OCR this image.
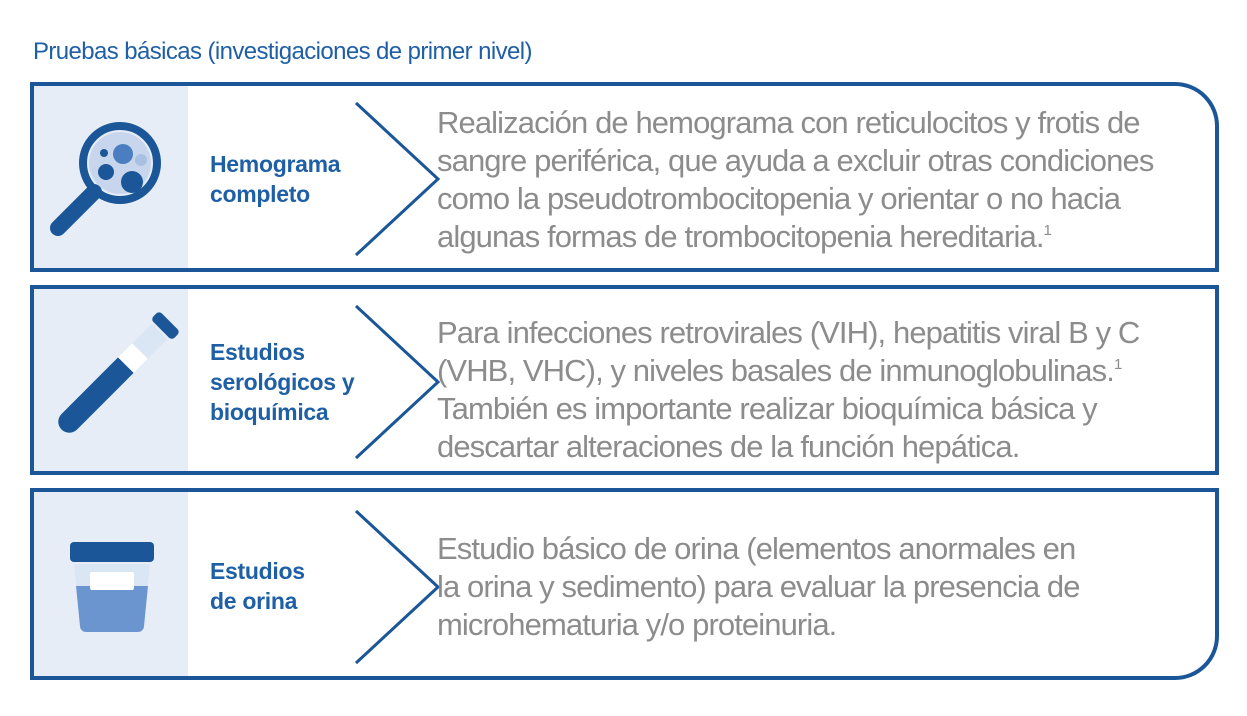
Pruebas básicas (investigaciones de primer nivel)
Hemograma
completo

Realización de hemograma con reticulocitos y frotis de
sangre periférica, que ayuda a excluir otras condiciones
como la pseudotrombocitopenia y orientar o no hacia
algunas formas de trombocitopenia hereditaria.$^1$

Estudios
serológicos y
bioquímica

Para infecciones retrovirales (VIH), hepatitis viral B y C
(VHB, VHC), y niveles basales de inmunoglobulinas.$^1$
También es importante realizar bioquímica básica y
descartar alteraciones de la función hepática.

Estudios
de orina

Estudio básico de orina (elementos anormales en
la orina y sedimento) para evaluar la presencia de
microhematuria y/o proteinuria.
